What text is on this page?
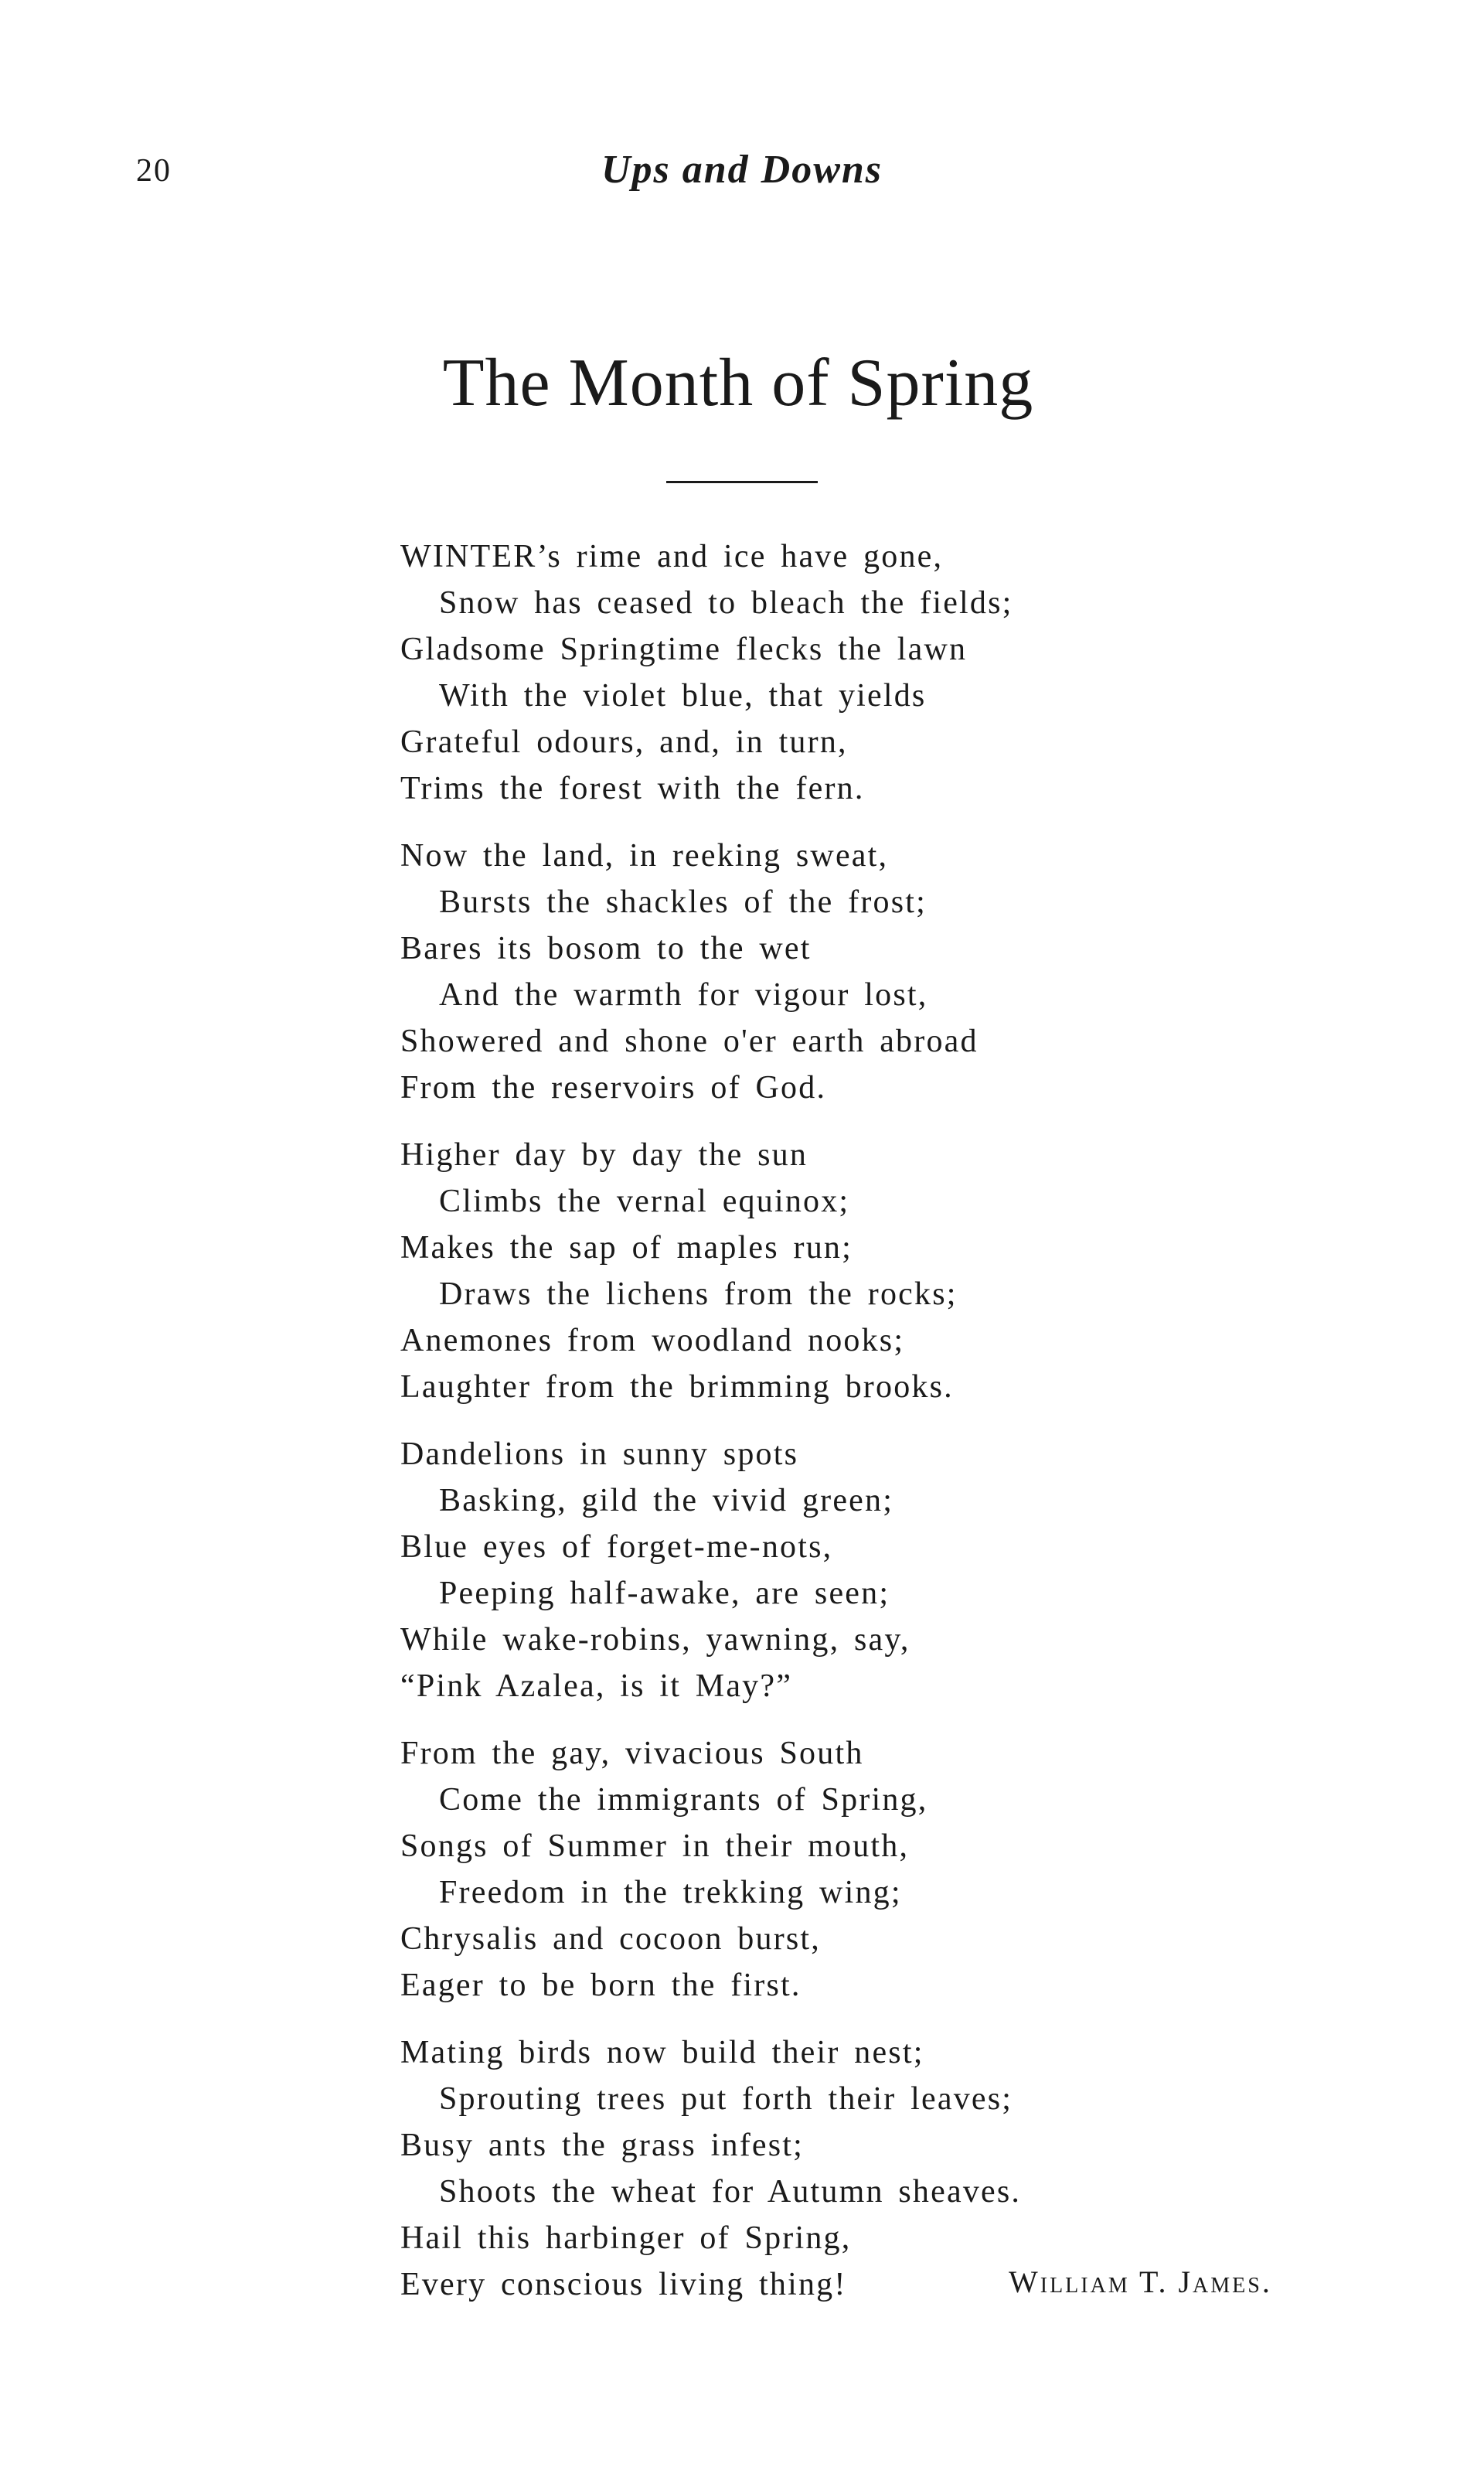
20	Ups and Downs
The Month of Spring
WINTER’s rime and ice have gone,
Snow has ceased to bleach the fields;
Gladsome Springtime flecks the lawn
With the violet blue, that yields
Grateful odours, and, in turn,
Trims the forest with the fern.
Now the land, in reeking sweat,
Bursts the shackles of the frost;
Bares its bosom to the wet
And the warmth for vigour lost,
Showered and shone o'er earth abroad
From the reservoirs of God.
Higher day by day the sun
Climbs the vernal equinox;
Makes the sap of maples run;
Draws the lichens from the rocks;
Anemones from woodland nooks;
Laughter from the brimming brooks.
Dandelions in sunny spots
Basking, gild the vivid green;
Blue eyes of forget-me-nots,
Peeping half-awake, are seen;
While wake-robins, yawning, say,
“Pink Azalea, is it May?”
From the gay, vivacious South
Come the immigrants of Spring,
Songs of Summer in their mouth,
Freedom in the trekking wing;
Chrysalis and cocoon burst,
Eager to be born the first.
Mating birds now build their nest;
Sprouting trees put forth their leaves;
Busy ants the grass infest;
Shoots the wheat for Autumn sheaves.
Hail this harbinger of Spring,
Every conscious living thing!	William T. James.
